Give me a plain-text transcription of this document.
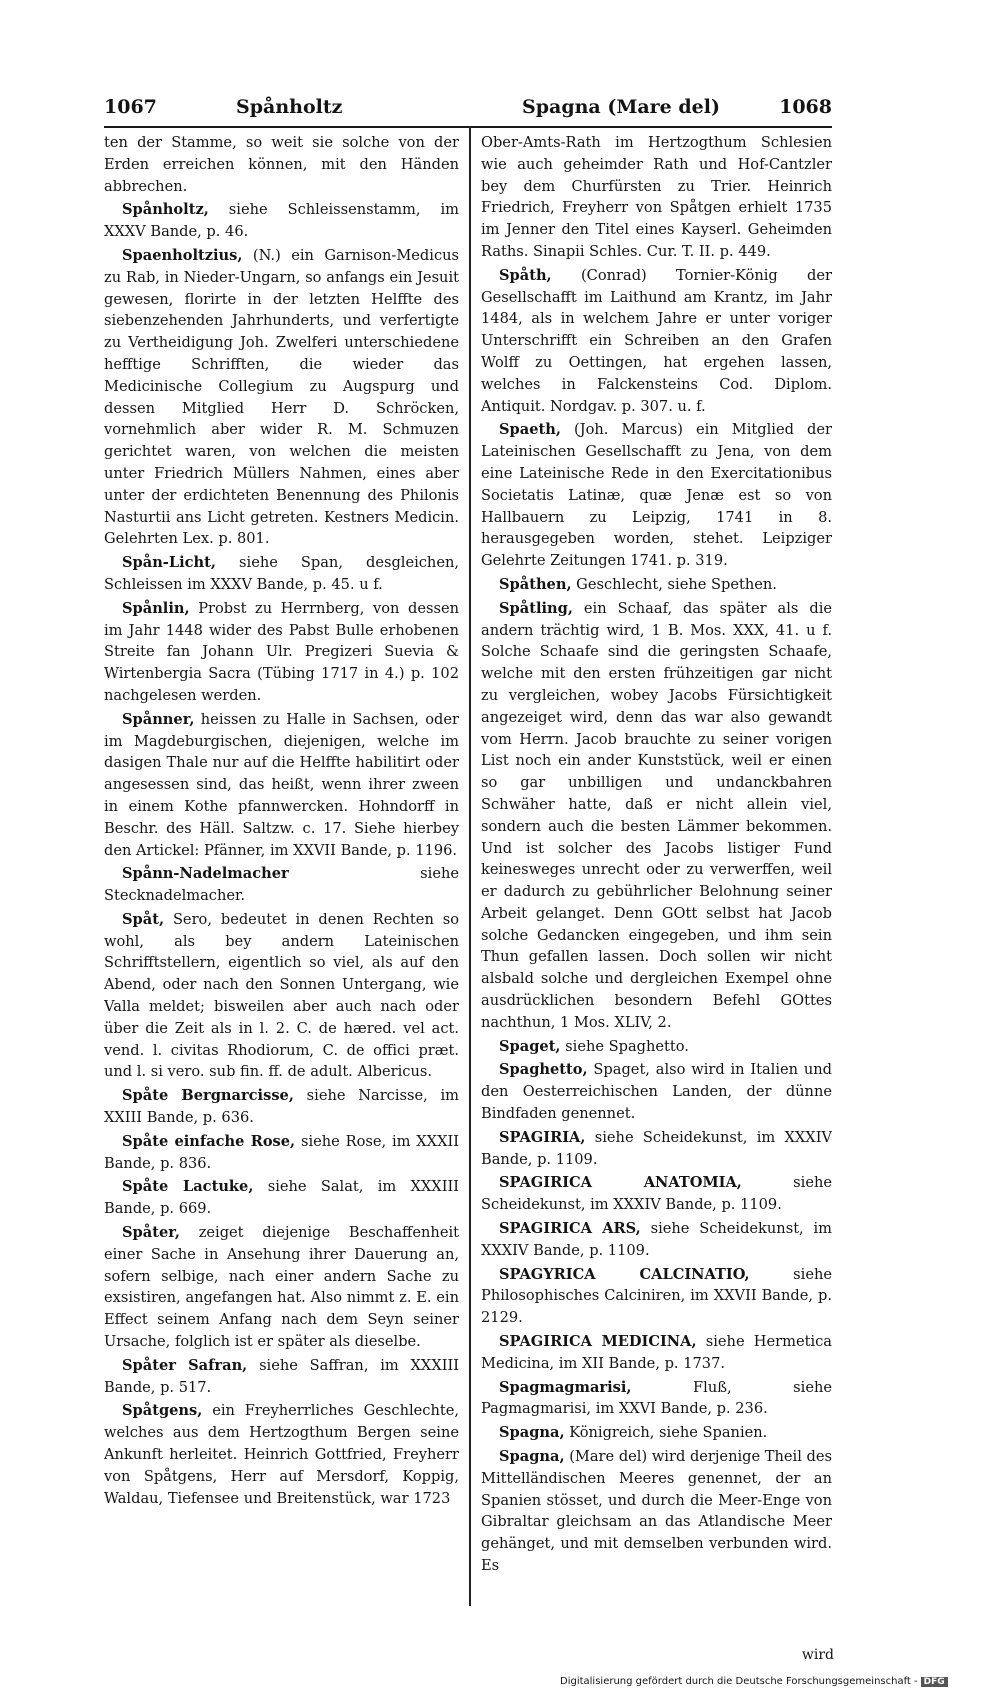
1067	Spånholtz	Spagna (Mare del)	1068
ten der Stamme, so weit sie solche von der Erden erreichen können, mit den Händen abbrechen.
Spånholtz, siehe Schleissenstamm, im XXXV Bande, p. 46.
Spaenholtzius, (N.) ein Garnison-Medicus zu Rab, in Nieder-Ungarn, so anfangs ein Jesuit gewesen, florirte in der letzten Helffte des siebenzehenden Jahrhunderts, und verfertigte zu Vertheidigung Joh. Zwelferi unterschiedene hefftige Schrifften, die wieder das Medicinische Collegium zu Augspurg und dessen Mitglied Herr D. Schröcken, vornehmlich aber wider R. M. Schmuzen gerichtet waren, von welchen die meisten unter Friedrich Müllers Nahmen, eines aber unter der erdichteten Benennung des Philonis Nasturtii ans Licht getreten. Kestners Medicin. Gelehrten Lex. p. 801.
Spån-Licht, siehe Span, desgleichen, Schleissen im XXXV Bande, p. 45. u f.
Spånlin, Probst zu Herrnberg, von dessen im Jahr 1448 wider des Pabst Bulle erhobenen Streite fan Johann Ulr. Pregizeri Suevia & Wirtenbergia Sacra (Tübing 1717 in 4.) p. 102 nachgelesen werden.
Spånner, heissen zu Halle in Sachsen, oder im Magdeburgischen, diejenigen, welche im dasigen Thale nur auf die Helffte habilitirt oder angesessen sind, das heißt, wenn ihrer zween in einem Kothe pfannwercken. Hohndorff in Beschr. des Häll. Saltzw. c. 17. Siehe hierbey den Artickel: Pfänner, im XXVII Bande, p. 1196.
Spånn-Nadelmacher	siehe Stecknadelmacher.
Spåt, Sero, bedeutet in denen Rechten so wohl, als bey andern Lateinischen Schrifftstellern, eigentlich so viel, als auf den Abend, oder nach den Sonnen Untergang, wie Valla meldet; bisweilen aber auch nach oder über die Zeit als in l. 2. C. de hæred. vel act. vend. l. civitas Rhodiorum, C. de offici præt. und l. si vero. sub fin. ff. de adult. Albericus.
Spåte Bergnarcisse, siehe Narcisse, im XXIII Bande, p. 636.
Spåte einfache Rose, siehe Rose, im XXXII Bande, p. 836.
Spåte Lactuke, siehe Salat, im XXXIII Bande, p. 669.
Spåter, zeiget diejenige Beschaffenheit einer Sache in Ansehung ihrer Dauerung an, sofern selbige, nach einer andern Sache zu exsistiren, angefangen hat. Also nimmt z. E. ein Effect seinem Anfang nach dem Seyn seiner Ursache, folglich ist er später als dieselbe.
Spåter Safran, siehe Saffran, im XXXIII Bande, p. 517.
Spåtgens, ein Freyherrliches Geschlechte, welches aus dem Hertzogthum Bergen seine Ankunft herleitet. Heinrich Gottfried, Freyherr von Spåtgens, Herr auf Mersdorf, Koppig, Waldau, Tiefensee und Breitenstück, war 1723
Ober-Amts-Rath im Hertzogthum Schlesien wie auch geheimder Rath und Hof-Cantzler bey dem Churfürsten zu Trier. Heinrich Friedrich, Freyherr von Spåtgen erhielt 1735 im Jenner den Titel eines Kayserl. Geheimden Raths. Sinapii Schles. Cur. T. II. p. 449.
Spåth, (Conrad) Tornier-König der Gesellschafft im Laithund am Krantz, im Jahr 1484, als in welchem Jahre er unter voriger Unterschrifft ein Schreiben an den Grafen Wolff zu Oettingen, hat ergehen lassen, welches in Falckensteins Cod. Diplom. Antiquit. Nordgav. p. 307. u. f.
Spaeth, (Joh. Marcus) ein Mitglied der Lateinischen Gesellschafft zu Jena, von dem eine Lateinische Rede in den Exercitationibus Societatis Latinæ, quæ Jenæ est so von Hallbauern zu Leipzig, 1741 in 8. herausgegeben worden, stehet. Leipziger Gelehrte Zeitungen 1741. p. 319.
Spåthen, Geschlecht, siehe Spethen.
Spåtling, ein Schaaf, das später als die andern trächtig wird, 1 B. Mos. XXX, 41. u f. Solche Schaafe sind die geringsten Schaafe, welche mit den ersten frühzeitigen gar nicht zu vergleichen, wobey Jacobs Fürsichtigkeit angezeiget wird, denn das war also gewandt vom Herrn. Jacob brauchte zu seiner vorigen List noch ein ander Kunststück, weil er einen so gar unbilligen und undanckbahren Schwäher hatte, daß er nicht allein viel, sondern auch die besten Lämmer bekommen. Und ist solcher des Jacobs listiger Fund keinesweges unrecht oder zu verwerffen, weil er dadurch zu gebührlicher Belohnung seiner Arbeit gelanget. Denn GOtt selbst hat Jacob solche Gedancken eingegeben, und ihm sein Thun gefallen lassen. Doch sollen wir nicht alsbald solche und dergleichen Exempel ohne ausdrücklichen besondern Befehl GOttes nachthun, 1 Mos. XLIV, 2.
Spaget, siehe Spaghetto.
Spaghetto, Spaget, also wird in Italien und den Oesterreichischen Landen, der dünne Bindfaden genennet.
SPAGIRIA, siehe Scheidekunst, im XXXIV Bande, p. 1109.
SPAGIRICA ANATOMIA,	siehe Scheidekunst, im XXXIV Bande, p. 1109.
SPAGIRICA ARS, siehe Scheidekunst, im XXXIV Bande, p. 1109.
SPAGYRICA CALCINATIO,	siehe Philosophisches Calciniren, im XXVII Bande, p. 2129.
SPAGIRICA MEDICINA, siehe Hermetica Medicina, im XII Bande, p. 1737.
Spagmagmarisi,	Fluß, siehe Pagmagmarisi, im XXVI Bande, p. 236.
Spagna, Königreich, siehe Spanien.
Spagna, (Mare del) wird derjenige Theil des Mittelländischen Meeres genennet, der an Spanien stösset, und durch die Meer-Enge von Gibraltar gleichsam an das Atlandische Meer gehänget, und mit demselben verbunden wird. Es
wird
Digitalisierung gefördert durch die Deutsche Forschungsgemeinschaft - DFG
